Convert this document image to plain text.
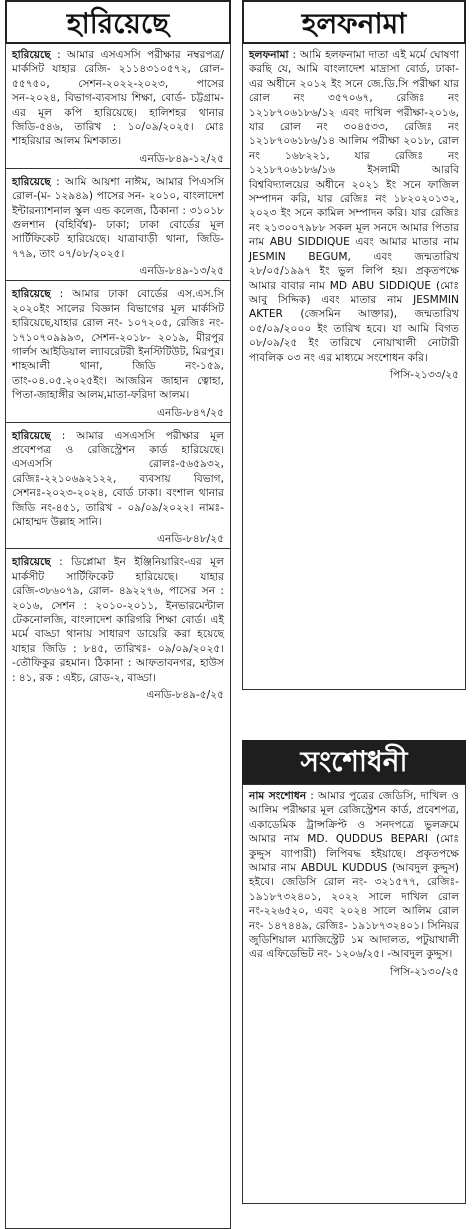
হারিয়েছে
হারিয়েছে : আমার এসএসসি পরীক্ষার নম্বরপত্র/মার্কসিট যাহার রেজি- ২১১৪৩১০৫৭২, রোল- ৫৫৭৫০, সেশন-২০২২-২০২৩, পাসের সন-২০২৪, বিভাগ-ব্যবসায় শিক্ষা, বোর্ড- চট্টগ্রাম-এর মূল কপি হারিয়েছে। হালিশহর থানার জিডি-৫৪৬, তারিখ : ১০/০৯/২০২৫। মোঃ শাহরিয়ার আলম মিশকাত।
এনডি-৮৪৯-১২/২৫
হারিয়েছে : আমি আয়শা নাঈম, আমার পিএসসি রোল-(ম- ১২৯৪৯) পাসের সন- ২০১০, বাংলাদেশ ইন্টারন্যাশনাল স্কুল এন্ড কলেজ, ঠিকানা : ৩১০১৮ গুলশান (বহির্বিশ্ব)- ঢাকা; ঢাকা বোর্ডের মূল সার্টিফিকেট হারিয়েছে। যাত্রাবাড়ী থানা, জিডি- ৭৭৯, তাং ০৭/০৮/২০২৫।
এনডি-৮৪৯-১৩/২৫
হারিয়েছে : আমার ঢাকা বোর্ডের এস.এস.সি ২০২০ইং সালের বিজ্ঞান বিভাগের মূল মার্কসিট হারিয়েছে,যাহার রোল নং- ১০৭২০৫, রেজিঃ নং- ১৭১০৭০৯৯৯৩, সেশন-২০১৮- ২০১৯, মীরপুর গার্লস আইডিয়াল ল্যাবরেটরী ইনস্টিটিউট, মিরপুর। শাহআলী থানা, জিডি নং-১৫৯, তাং-০৪.০৫.২০২৫ইং। আজরিন জাহান ত্বোহা, পিতা-জাহাঙ্গীর আলম,মাতা-ফরিদা আলম।
এনডি-৮৪৭/২৫
হারিয়েছে : আমার এসএসসি পরীক্ষার মূল প্রবেশপত্র ও রেজিস্ট্রেশন কার্ড হারিয়েছে। এসএসসি রোলঃ-৫৬৫৯৩২, রেজিঃ-২২১০৬৯২১২২, ব্যবসায় বিভাগ, সেশনঃ-২০২৩-২০২৪, বোর্ড ঢাকা। বংশাল থানার জিডি নং-৪৫১, তারিখ - ০৯/০৯/২০২২। নামঃ- মোহাম্মদ উল্লাহ সানি।
এনডি-৮৪৮/২৫
হারিয়েছে : ডিপ্লোমা ইন ইঞ্জিনিয়ারিং-এর মূল মার্কসীট সার্টিফিকেট হারিয়েছে। যাহার রেজি-৩৮৬০৭৯, রোল- ৪৯২২৭৬, পাসের সন : ২০১৬, সেশন : ২০১০-২০১১, ইনভারমেন্টাল টেকনোলজি, বাংলাদেশ কারিগরি শিক্ষা বোর্ড। এই মর্মে বাড্ডা থানায় সাধারণ ডায়েরি করা হয়েছে যাহার জিডি : ৮৪৫, তারিখঃ- ০৯/০৯/২০২৫। -তৌফিকুর রহমান। ঠিকানা : আফতাবনগর, হাউস : ৪১, রক : এইচ, রোড-২, বাড্ডা।
এনডি-৮৪৯-৫/২৫
হলফনামা
হলফনামা : আমি হলফনামা দাতা এই মর্মে ঘোষণা করছি যে, আমি বাংলাদেশ মাদ্রাসা বোর্ড, ঢাকা- এর অধীনে ২০১২ ইং সনে জে.ডি.সি পরীক্ষা যার রোল নং ৩৫৭০৬৭, রেজিঃ নং ১২১৮৭০৬১৮৬/১২ এবং দাখিল পরীক্ষা-২০১৬, যার রোল নং ৩০৪৫৩৩, রেজিঃ নং ১২১৮৭০৬১৮৬/১৪ আলিম পরীক্ষা ২০১৮, রোল নং ১৬৮২২১, যার রেজিঃ নং ১২১৮৭০৬১৮৬/১৬ ইসলামী আরবি বিশ্ববিদ্যালয়ের অধীনে ২০২১ ইং সনে ফাজিল সম্পাদন করি, যার রেজিঃ নং ১৮২০২০১৩২, ২০২৩ ইং সনে কামিল সম্পাদন করি। যার রেজিঃ নং ২১৩০০৭৯৮৮ সকল মূল সনদে আমার পিতার নাম ABU SIDDIQUE এবং আমার মাতার নাম JESMIN BEGUM, এবং জন্মতারিখ ২৮/০৫/১৯৯৭ ইং ভুল লিপি হয়। প্রকৃতপক্ষে আমার বাবার নাম MD ABU SIDDIQUE (মোঃ আবু সিদ্দিক) এবং মাতার নাম JESMMIN AKTER (জেসমিন আক্তার), জন্মতারিখ ০৫/০৯/২০০০ ইং তারিখ হবে। যা আমি বিগত ০৮/০৯/২৫ ইং তারিখে নোয়াখালী নোটারী পাবলিক ০৩ নং এর মাধ্যমে সংশোধন করি।
পিসি-২১৩৩/২৫
সংশোধনী
নাম সংশোধন : আমার পুত্রের জেডিসি, দাখিল ও আলিম পরীক্ষার মূল রেজিস্ট্রেশন কার্ড, প্রবেশপত্র, একাডেমিক ট্রান্সক্রিপ্ট ও সনদপত্রে ভুলক্রমে আমার নাম MD. QUDDUS BEPARI (মোঃ কুদ্দুস ব্যাপারী) লিপিবদ্ধ হইয়াছে। প্রকৃতপক্ষে আমার নাম ABDUL KUDDUS (আবদুল কুদ্দুস) হইবে। জেডিসি রোল নং- ৩২১৫৭৭, রেজিঃ- ১৯১৮৭৩২৪০১, ২০২২ সালে দাখিল রোল নং-২২৬৫২০, এবং ২০২৪ সালে আলিম রোল নং- ১৪৭৪৪৯, রেজিঃ- ১৯১৮৭৩২৪০১। সিনিয়র জুডিশিয়াল ম্যাজিস্ট্রেট ১ম আদালত, পটুয়াখালী এর এফিডেভিট নং- ১২০৬/২৫। -আবদুল কুদ্দুস।
পিসি-২১৩০/২৫
